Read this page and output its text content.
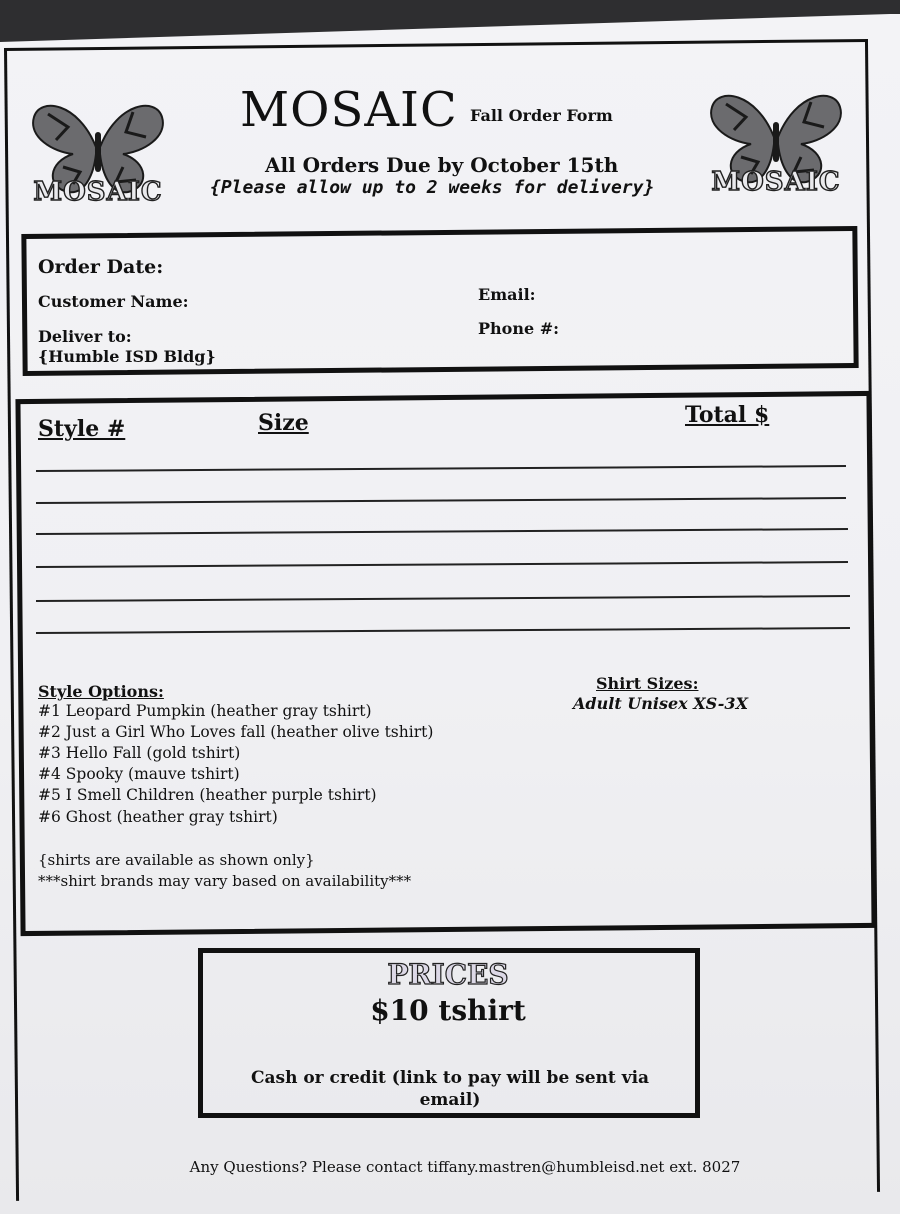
MOSAIC	MOSAIC
MOSAIC Fall Order Form
All Orders Due by October 15th
{Please allow up to 2 weeks for delivery}
Order Date:
Customer Name:
Deliver to:
{Humble ISD Bldg}
Email:
Phone #:
Style #	Size	Total $
Style Options:
#1 Leopard Pumpkin (heather gray tshirt)
#2 Just a Girl Who Loves fall (heather olive tshirt)
#3 Hello Fall (gold tshirt)
#4 Spooky (mauve tshirt)
#5 I Smell Children (heather purple tshirt)
#6 Ghost (heather gray tshirt)
{shirts are available as shown only}
***shirt brands may vary based on availability***
Shirt Sizes:
Adult Unisex XS-3X
PRICES
$10 tshirt
Cash or credit (link to pay will be sent via email)
Any Questions? Please contact tiffany.mastren@humbleisd.net ext. 8027
